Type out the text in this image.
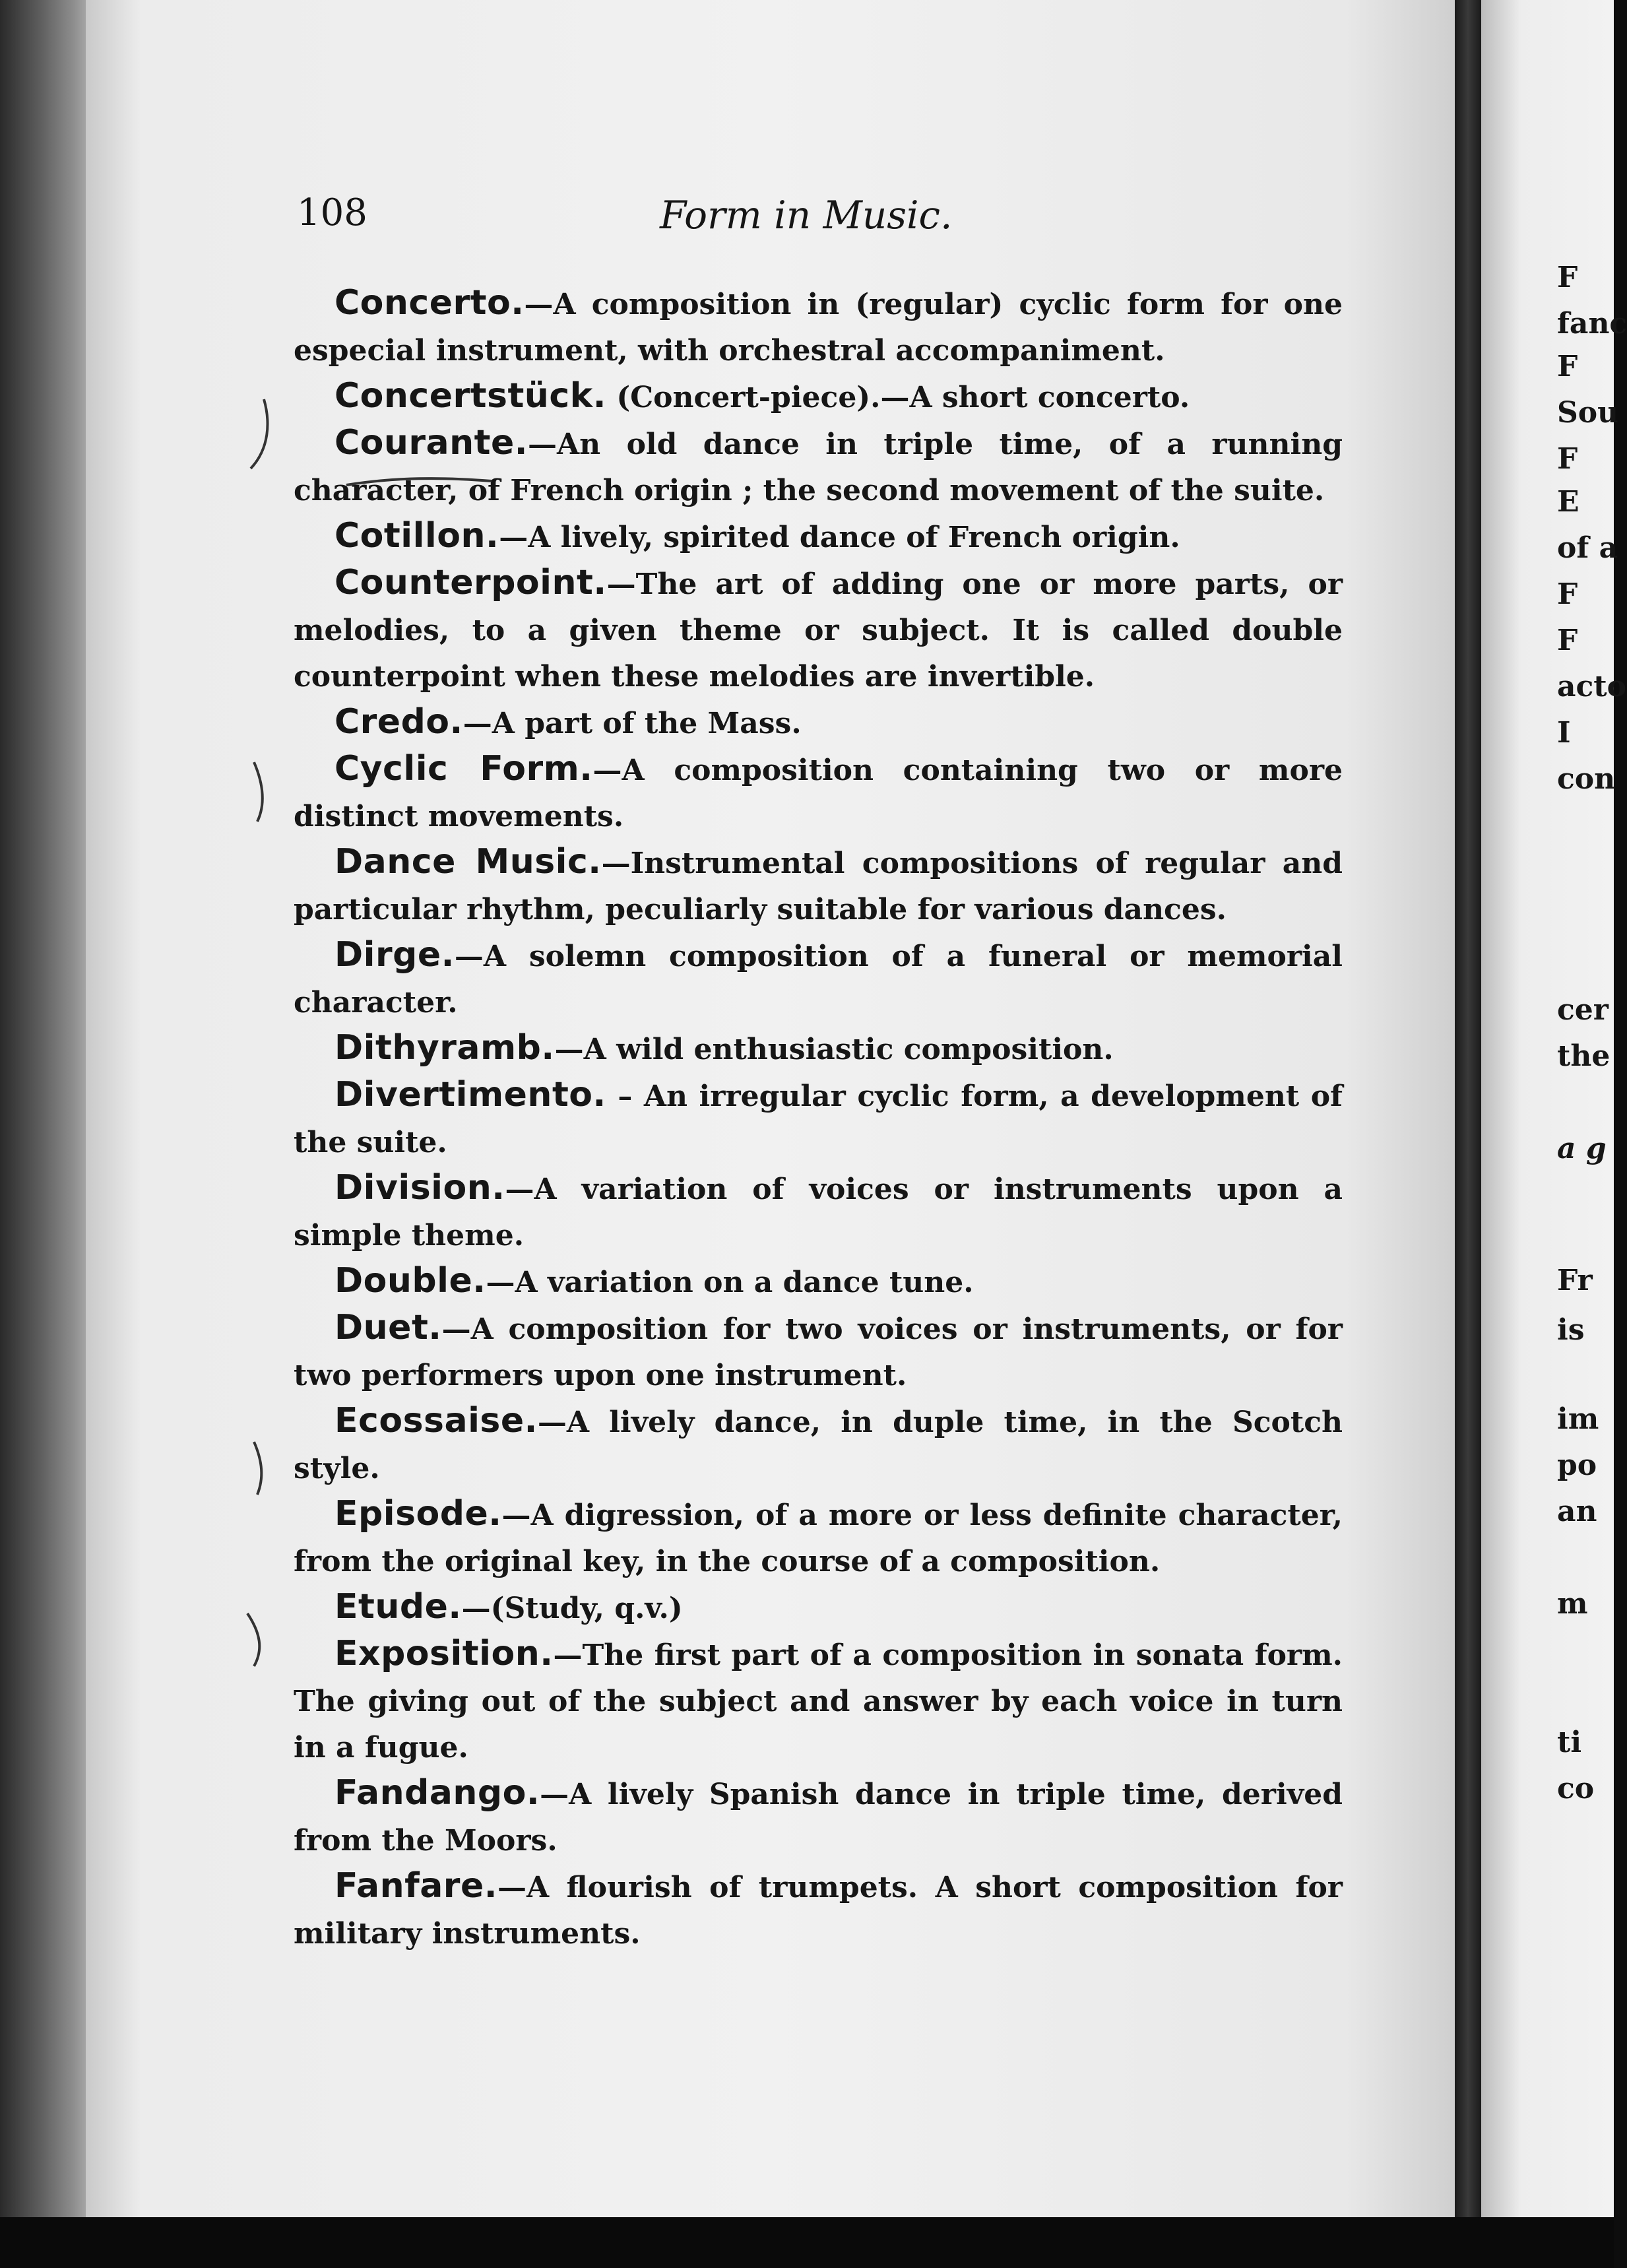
108	Form in Music.

Concerto.—A composition in (regular) cyclic form for one especial instrument, with orchestral accompaniment.

Concertstück. (Concert-piece).—A short concerto.

Courante.—An old dance in triple time, of a running character, of French origin ; the second movement of the suite.

Cotillon.—A lively, spirited dance of French origin.

Counterpoint.—The art of adding one or more parts, or melodies, to a given theme or subject. It is called double counterpoint when these melodies are invertible.

Credo.—A part of the Mass.

Cyclic Form.—A composition containing two or more distinct movements.

Dance Music.—Instrumental compositions of regular and particular rhythm, peculiarly suitable for various dances.

Dirge.—A solemn composition of a funeral or memorial character.

Dithyramb.—A wild enthusiastic composition.

Divertimento. – An irregular cyclic form, a development of the suite.

Division.—A variation of voices or instruments upon a simple theme.

Double.—A variation on a dance tune.

Duet.—A composition for two voices or instruments, or for two performers upon one instrument.

Ecossaise.—A lively dance, in duple time, in the Scotch style.

Episode.—A digression, of a more or less definite character, from the original key, in the course of a composition.

Etude.—(Study, q.v.)

Exposition.—The first part of a composition in sonata form. The giving out of the subject and answer by each voice in turn in a fugue.

Fandango.—A lively Spanish dance in triple time, derived from the Moors.

Fanfare.—A flourish of trumpets. A short composition for military instruments.

F
fanc
F
Sou
F
E
of a
F
F
acto
I
con
cer
the
a g
Fr
is
im
po
an
m
ti
co
